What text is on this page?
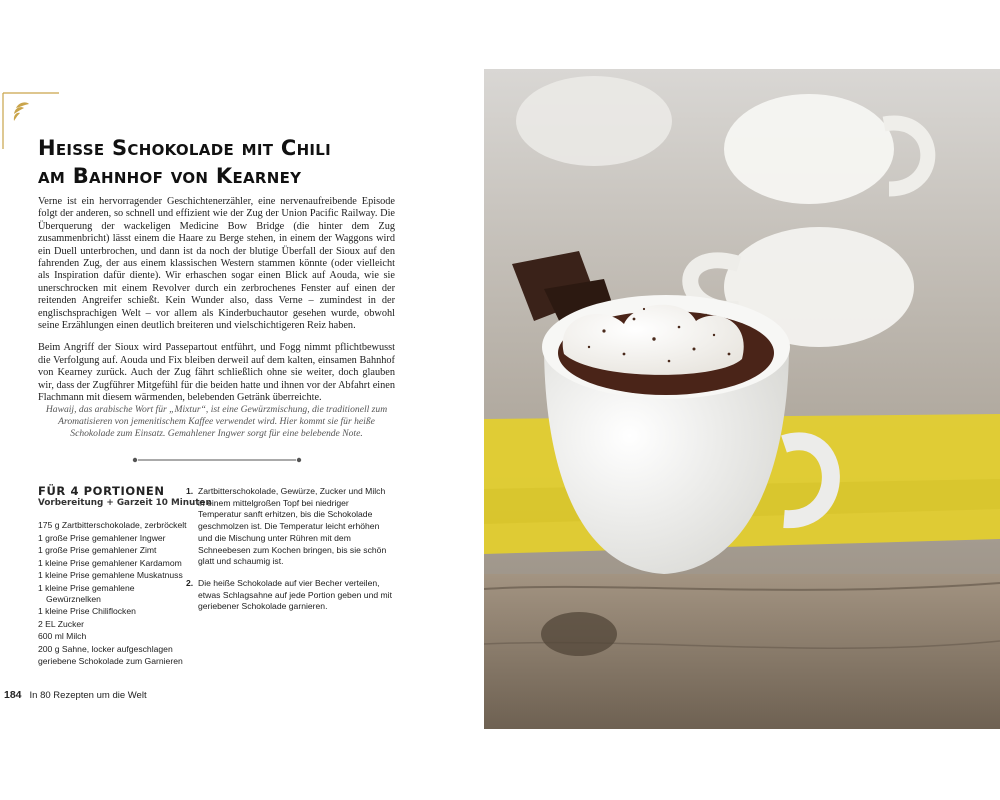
Heisse Schokolade mit Chili
am Bahnhof von Kearney

Verne ist ein hervorragender Geschichtenerzähler, eine nervenaufreibende Episode folgt der anderen, so schnell und effizient wie der Zug der Union Pacific Railway. Die Überquerung der wackeligen Medicine Bow Bridge (die hinter dem Zug zusammenbricht) lässt einem die Haare zu Berge stehen, in einem der Waggons wird ein Duell unterbrochen, und dann ist da noch der blutige Überfall der Sioux auf den fahrenden Zug, der aus einem klassischen Western stammen könnte (oder vielleicht als Inspiration dafür diente). Wir erhaschen sogar einen Blick auf Aouda, wie sie unerschrocken mit einem Revolver durch ein zerbrochenes Fenster auf einen der reitenden Angreifer schießt. Kein Wunder also, dass Verne – zumindest in der englischsprachigen Welt – vor allem als Kinderbuchautor gesehen wurde, obwohl seine Erzählungen einen deutlich breiteren und vielschichtigeren Reiz haben.

Beim Angriff der Sioux wird Passepartout entführt, und Fogg nimmt pflichtbewusst die Verfolgung auf. Aouda und Fix bleiben derweil auf dem kalten, einsamen Bahnhof von Kearney zurück. Auch der Zug fährt schließlich ohne sie weiter, doch glauben wir, dass der Zugführer Mitgefühl für die beiden hatte und ihnen vor der Abfahrt einen Flachmann mit diesem wärmenden, belebenden Getränk überreichte.

Hawaij, das arabische Wort für „Mixtur“, ist eine Gewürzmischung, die traditionell zum Aromatisieren von jemenitischem Kaffee verwendet wird. Hier kommt sie für heiße Schokolade zum Einsatz. Gemahlener Ingwer sorgt für eine belebende Note.

FÜR 4 PORTIONEN

Vorbereitung + Garzeit 10 Minuten

175 g Zartbitterschokolade, zerbröckelt
1 große Prise gemahlener Ingwer
1 große Prise gemahlener Zimt
1 kleine Prise gemahlener Kardamom
1 kleine Prise gemahlene Muskatnuss
1 kleine Prise gemahlene Gewürznelken
1 kleine Prise Chiliflocken
2 EL Zucker
600 ml Milch
200 g Sahne, locker aufgeschlagen
geriebene Schokolade zum Garnieren
1. Zartbitterschokolade, Gewürze, Zucker und Milch in einem mittelgroßen Topf bei niedriger Temperatur sanft erhitzen, bis die Schokolade geschmolzen ist. Die Temperatur leicht erhöhen und die Mischung unter Rühren mit dem Schneebesen zum Kochen bringen, bis sie schön glatt und schaumig ist.
2. Die heiße Schokolade auf vier Becher verteilen, etwas Schlagsahne auf jede Portion geben und mit geriebener Schokolade garnieren.

184 In 80 Rezepten um die Welt
